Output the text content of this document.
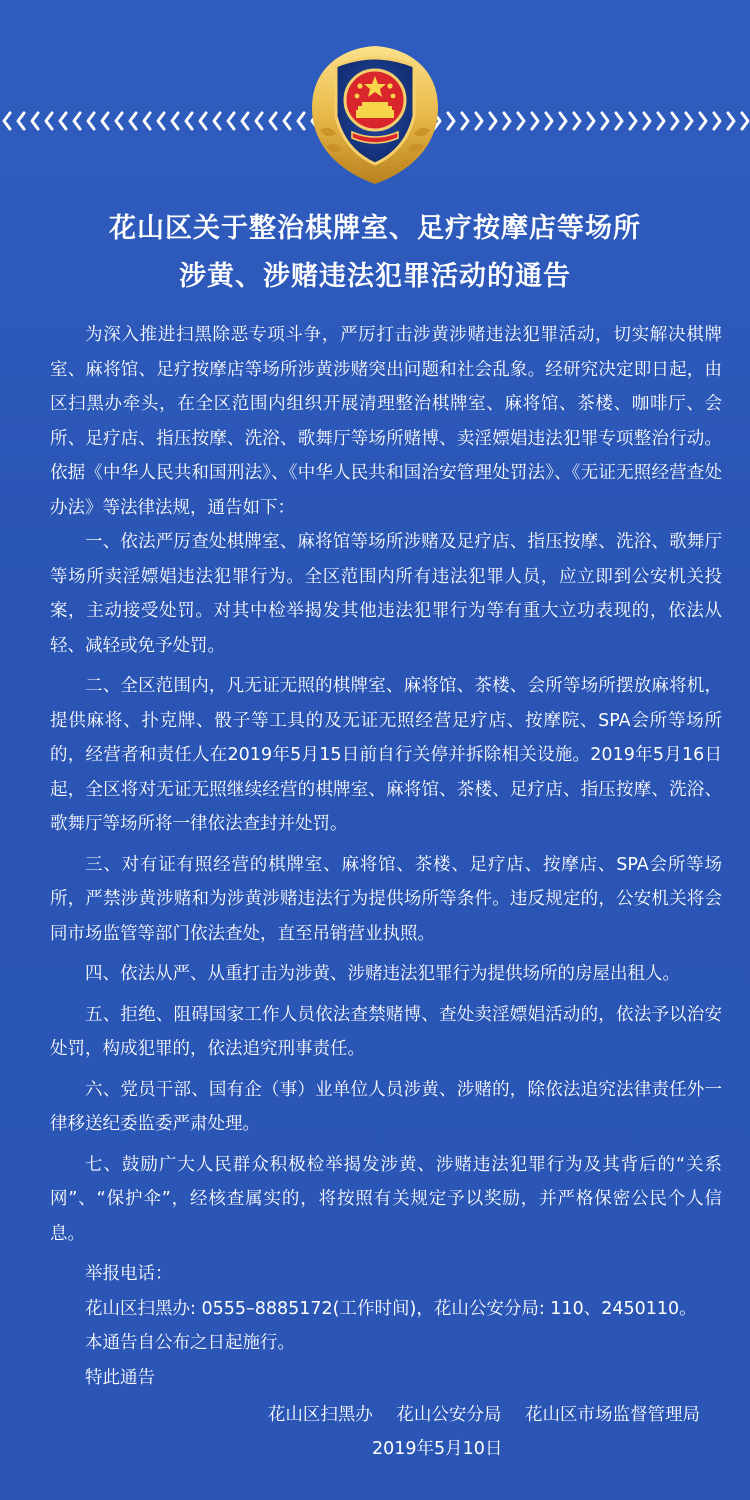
花山区关于整治棋牌室、足疗按摩店等场所
涉黄、涉赌违法犯罪活动的通告

为深入推进扫黑除恶专项斗争，严厉打击涉黄涉赌违法犯罪活动，切实解决棋牌室、麻将馆、足疗按摩店等场所涉黄涉赌突出问题和社会乱象。经研究决定即日起，由区扫黑办牵头，在全区范围内组织开展清理整治棋牌室、麻将馆、茶楼、咖啡厅、会所、足疗店、指压按摩、洗浴、歌舞厅等场所赌博、卖淫嫖娼违法犯罪专项整治行动。依据《中华人民共和国刑法》、《中华人民共和国治安管理处罚法》、《无证无照经营查处办法》等法律法规，通告如下：

一、依法严厉查处棋牌室、麻将馆等场所涉赌及足疗店、指压按摩、洗浴、歌舞厅等场所卖淫嫖娼违法犯罪行为。全区范围内所有违法犯罪人员，应立即到公安机关投案，主动接受处罚。对其中检举揭发其他违法犯罪行为等有重大立功表现的，依法从轻、减轻或免予处罚。

二、全区范围内，凡无证无照的棋牌室、麻将馆、茶楼、会所等场所摆放麻将机，提供麻将、扑克牌、骰子等工具的及无证无照经营足疗店、按摩院、SPA会所等场所的，经营者和责任人在2019年5月15日前自行关停并拆除相关设施。2019年5月16日起，全区将对无证无照继续经营的棋牌室、麻将馆、茶楼、足疗店、指压按摩、洗浴、歌舞厅等场所将一律依法查封并处罚。

三、对有证有照经营的棋牌室、麻将馆、茶楼、足疗店、按摩店、SPA会所等场所，严禁涉黄涉赌和为涉黄涉赌违法行为提供场所等条件。违反规定的，公安机关将会同市场监管等部门依法查处，直至吊销营业执照。

四、依法从严、从重打击为涉黄、涉赌违法犯罪行为提供场所的房屋出租人。

五、拒绝、阻碍国家工作人员依法查禁赌博、查处卖淫嫖娼活动的，依法予以治安处罚，构成犯罪的，依法追究刑事责任。

六、党员干部、国有企（事）业单位人员涉黄、涉赌的，除依法追究法律责任外一律移送纪委监委严肃处理。

七、鼓励广大人民群众积极检举揭发涉黄、涉赌违法犯罪行为及其背后的“关系网”、“保护伞”，经核查属实的，将按照有关规定予以奖励，并严格保密公民个人信息。

举报电话：

花山区扫黑办: 0555–8885172(工作时间)，花山公安分局: 110、2450110。

本通告自公布之日起施行。

特此通告

花山区扫黑办 花山公安分局 花山区市场监督管理局
2019年5月10日
